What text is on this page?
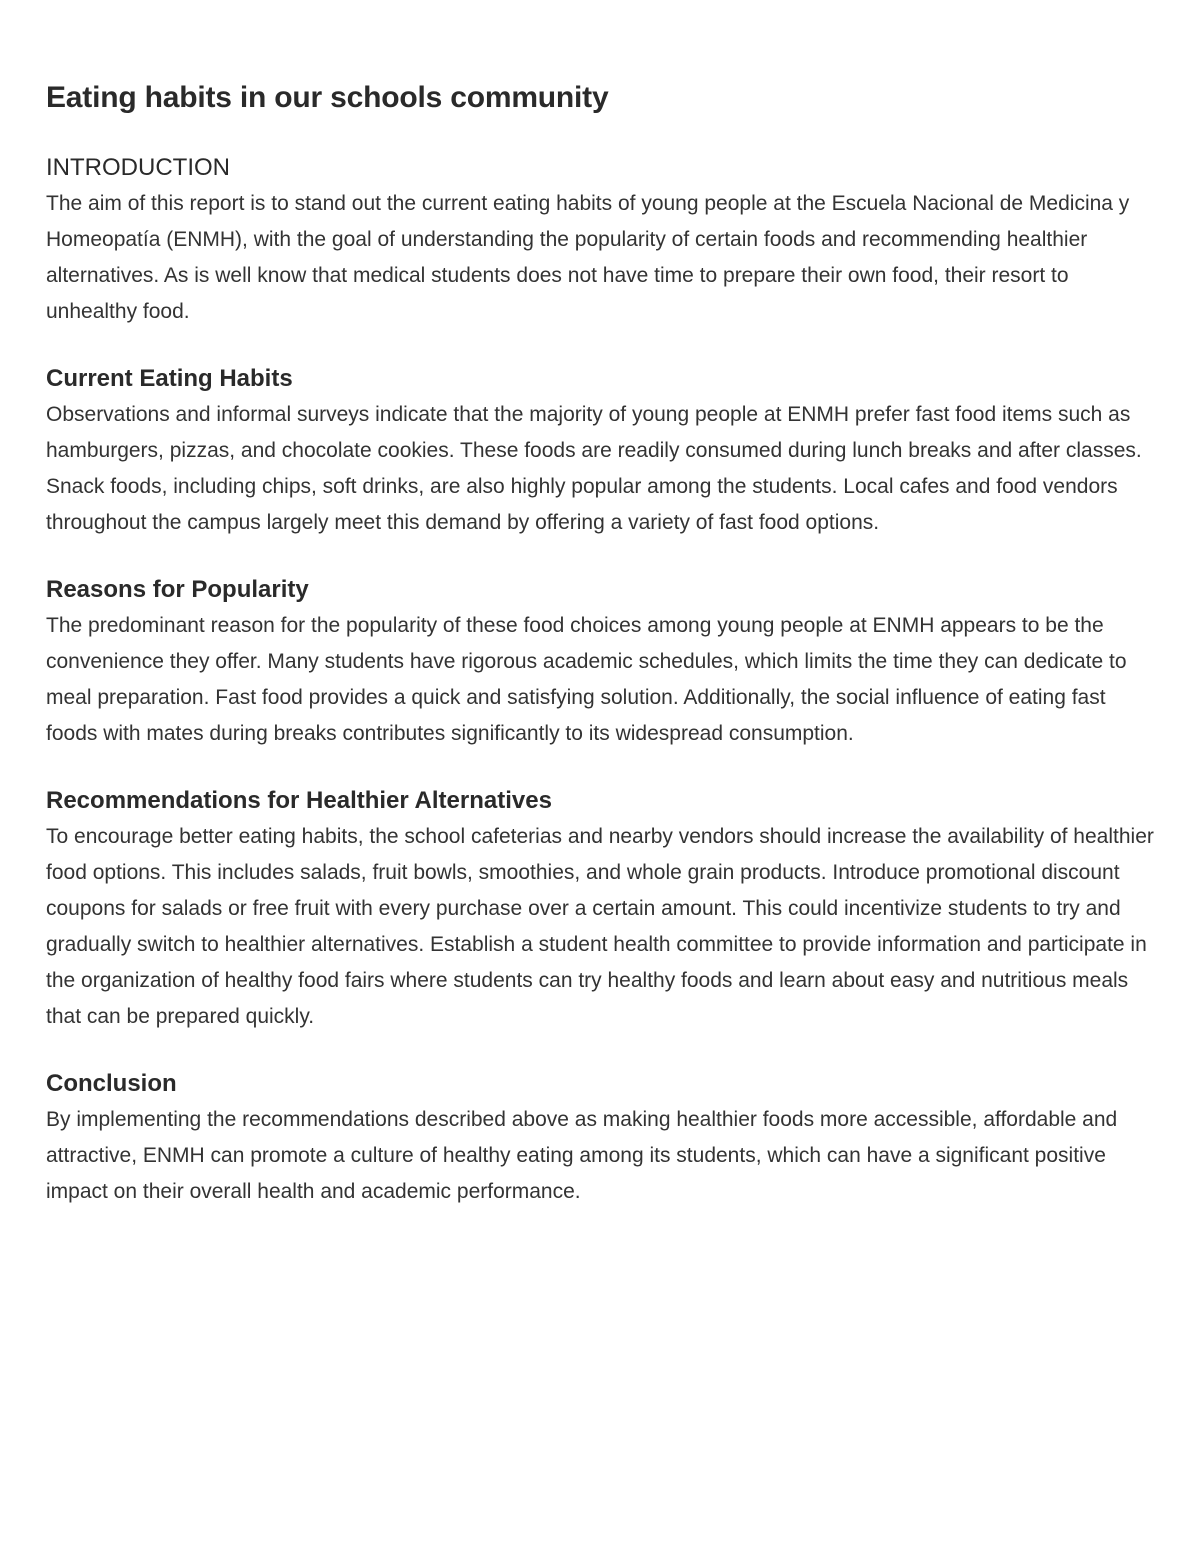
Eating habits in our schools community
INTRODUCTION

The aim of this report is to stand out the current eating habits of young people at the Escuela Nacional de Medicina y Homeopatía (ENMH), with the goal of understanding the popularity of certain foods and recommending healthier alternatives. As is well know that medical students does not have time to prepare their own food, their resort to unhealthy food.

Current Eating Habits

Observations and informal surveys indicate that the majority of young people at ENMH prefer fast food items such as hamburgers, pizzas, and chocolate cookies. These foods are readily consumed during lunch breaks and after classes. Snack foods, including chips, soft drinks, are also highly popular among the students. Local cafes and food vendors throughout the campus largely meet this demand by offering a variety of fast food options.

Reasons for Popularity

The predominant reason for the popularity of these food choices among young people at ENMH appears to be the convenience they offer. Many students have rigorous academic schedules, which limits the time they can dedicate to meal preparation. Fast food provides a quick and satisfying solution. Additionally, the social influence of eating fast foods with mates during breaks contributes significantly to its widespread consumption.

Recommendations for Healthier Alternatives

To encourage better eating habits, the school cafeterias and nearby vendors should increase the availability of healthier food options. This includes salads, fruit bowls, smoothies, and whole grain products. Introduce promotional discount coupons for salads or free fruit with every purchase over a certain amount. This could incentivize students to try and gradually switch to healthier alternatives. Establish a student health committee to provide information and participate in the organization of healthy food fairs where students can try healthy foods and learn about easy and nutritious meals that can be prepared quickly.

Conclusion

By implementing the recommendations described above as making healthier foods more accessible, affordable and attractive, ENMH can promote a culture of healthy eating among its students, which can have a significant positive impact on their overall health and academic performance.
